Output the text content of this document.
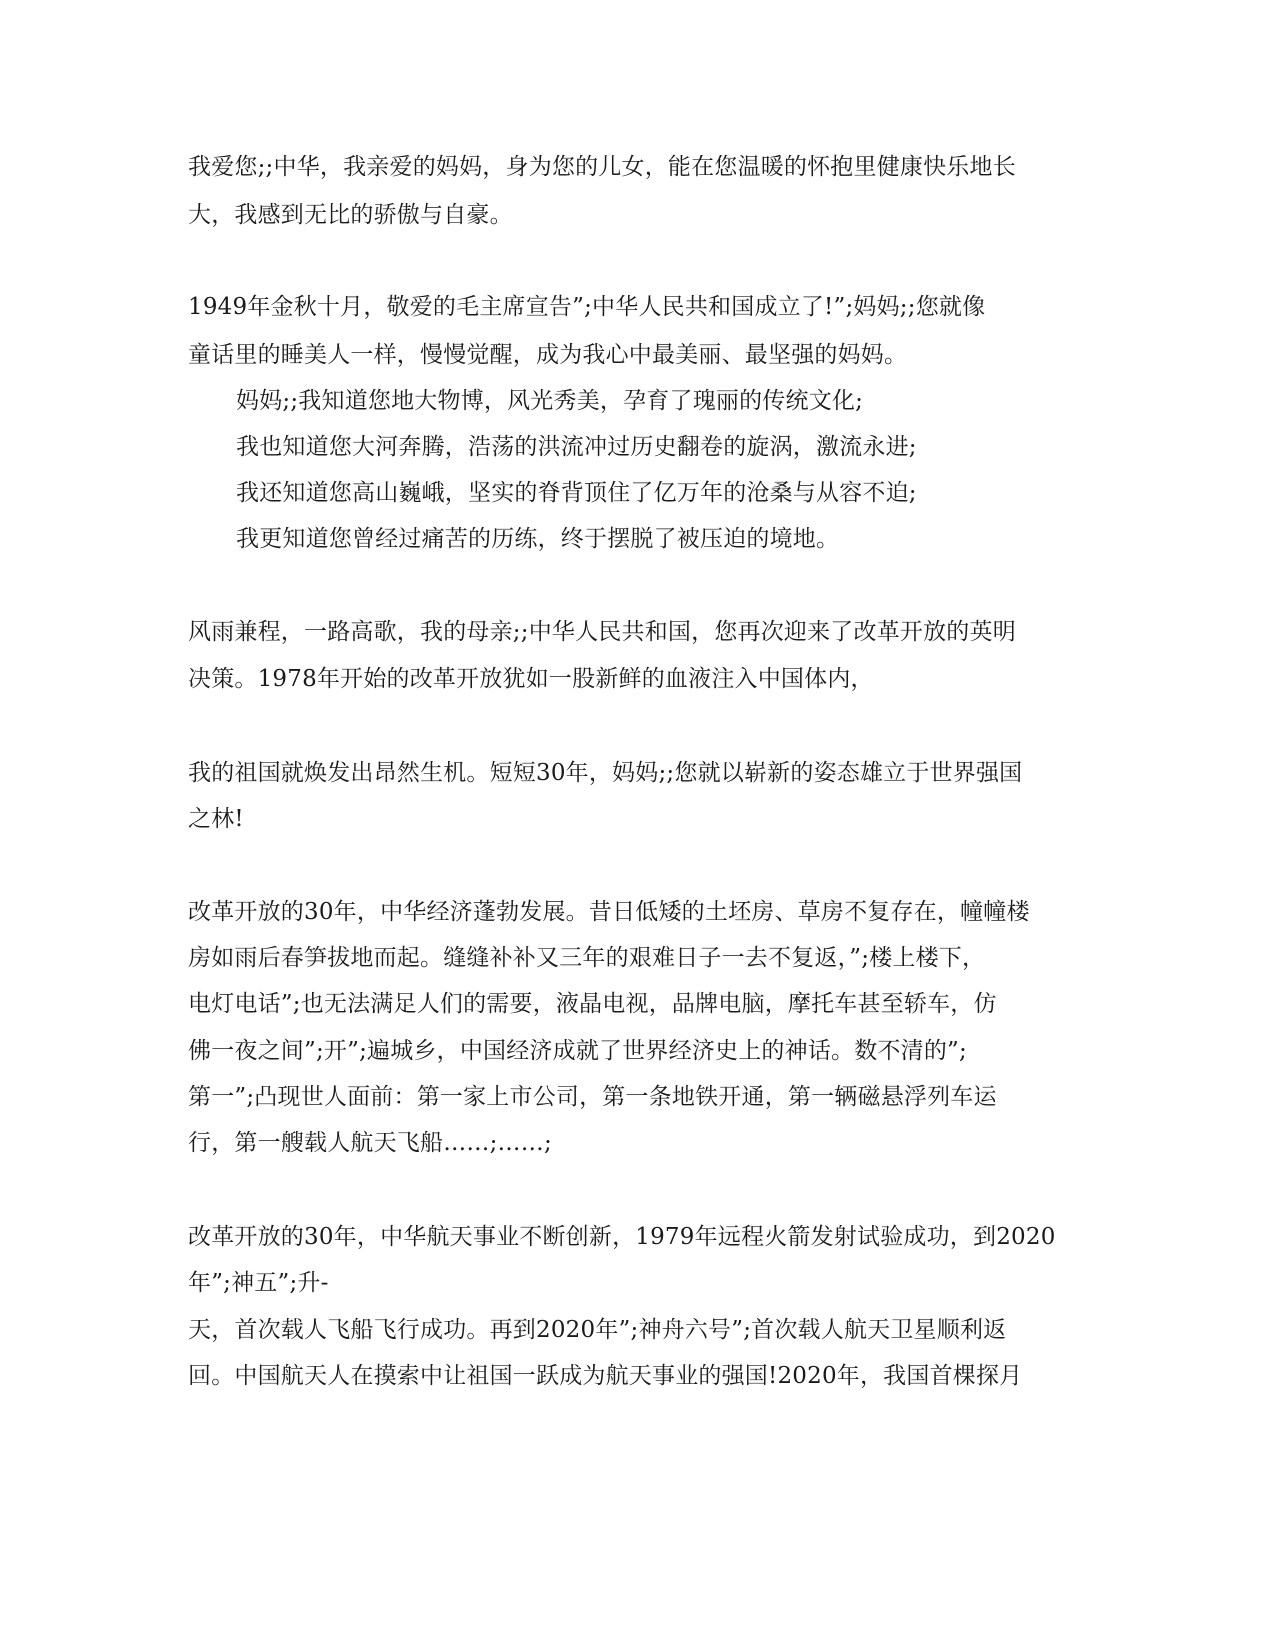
我爱您;;中华，我亲爱的妈妈，身为您的儿女，能在您温暖的怀抱里健康快乐地长
大，我感到无比的骄傲与自豪。
1949年金秋十月，敬爱的毛主席宣告”;中华人民共和国成立了!”;妈妈;;您就像
童话里的睡美人一样，慢慢觉醒，成为我心中最美丽、最坚强的妈妈。
妈妈;;我知道您地大物博，风光秀美，孕育了瑰丽的传统文化;
我也知道您大河奔腾，浩荡的洪流冲过历史翻卷的旋涡，激流永进;
我还知道您高山巍峨，坚实的脊背顶住了亿万年的沧桑与从容不迫;
我更知道您曾经过痛苦的历练，终于摆脱了被压迫的境地。
风雨兼程，一路高歌，我的母亲;;中华人民共和国，您再次迎来了改革开放的英明
决策。1978年开始的改革开放犹如一股新鲜的血液注入中国体内，
我的祖国就焕发出昂然生机。短短30年，妈妈;;您就以崭新的姿态雄立于世界强国
之林!
改革开放的30年，中华经济蓬勃发展。昔日低矮的土坯房、草房不复存在，幢幢楼
房如雨后春笋拔地而起。缝缝补补又三年的艰难日子一去不复返，”;楼上楼下，
电灯电话”;也无法满足人们的需要，液晶电视，品牌电脑，摩托车甚至轿车，仿
佛一夜之间”;开”;遍城乡，中国经济成就了世界经济史上的神话。数不清的”;
第一”;凸现世人面前：第一家上市公司，第一条地铁开通，第一辆磁悬浮列车运
行，第一艘载人航天飞船……;……;
改革开放的30年，中华航天事业不断创新，1979年远程火箭发射试验成功，到2020
年”;神五”;升-
天，首次载人飞船飞行成功。再到2020年”;神舟六号”;首次载人航天卫星顺利返
回。中国航天人在摸索中让祖国一跃成为航天事业的强国!2020年，我国首棵探月
